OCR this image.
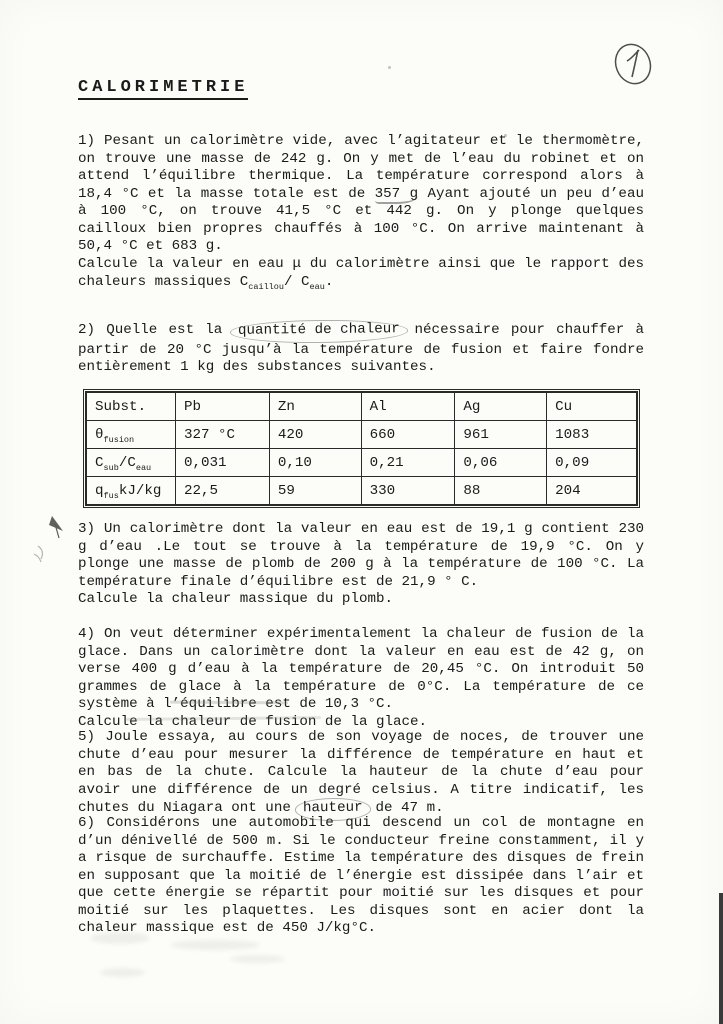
CALORIMETRIE
1) Pesant un calorimètre vide, avec l’agitateur et le thermomètre, on trouve une masse de 242 g. On y met de l’eau du robinet et on attend l’équilibre thermique. La température correspond alors à 18,4 °C et la masse totale est de 357 g Ayant ajouté un peu d’eau à 100 °C, on trouve 41,5 °C et 442 g. On y plonge quelques cailloux bien propres chauffés à 100 °C. On arrive maintenant à 50,4 °C et 683 g.
Calcule la valeur en eau μ du calorimètre ainsi que le rapport des chaleurs massiques $C_{caillou}/$ $C_{eau}$.
2) Quelle est la quantité de chaleur nécessaire pour chauffer à partir de 20 °C jusqu’à la température de fusion et faire fondre entièrement 1 kg des substances suivantes.
Subst.	Pb	Zn	Al	Ag	Cu
$\theta_{fusion}$	327 °C	420	660	961	1083
$C_{sub}/C_{eau}$	0,031	0,10	0,21	0,06	0,09
$q_{fus}kJ/kg$	22,5	59	330	88	204
3) Un calorimètre dont la valeur en eau est de 19,1 g contient 230 g d’eau .Le tout se trouve à la température de 19,9 °C. On y plonge une masse de plomb de 200 g à la température de 100 °C. La température finale d’équilibre est de 21,9 ° C.
Calcule la chaleur massique du plomb.
4) On veut déterminer expérimentalement la chaleur de fusion de la glace. Dans un calorimètre dont la valeur en eau est de 42 g, on verse 400 g d’eau à la température de 20,45 °C. On introduit 50 grammes de glace à la température de 0°C. La température de ce système à l’équilibre est de 10,3 °C.
Calcule la chaleur de fusion de la glace.
5) Joule essaya, au cours de son voyage de noces, de trouver une chute d’eau pour mesurer la différence de température en haut et en bas de la chute. Calcule la hauteur de la chute d’eau pour avoir une différence de un degré celsius. A titre indicatif, les chutes du Niagara ont une hauteur de 47 m.
6) Considérons une automobile qui descend un col de montagne en d’un dénivellé de 500 m. Si le conducteur freine constamment, il y a risque de surchauffe. Estime la température des disques de frein en supposant que la moitié de l’énergie est dissipée dans l’air et que cette énergie se répartit pour moitié sur les disques et pour moitié sur les plaquettes. Les disques sont en acier dont la chaleur massique est de 450 J/kg°C.
